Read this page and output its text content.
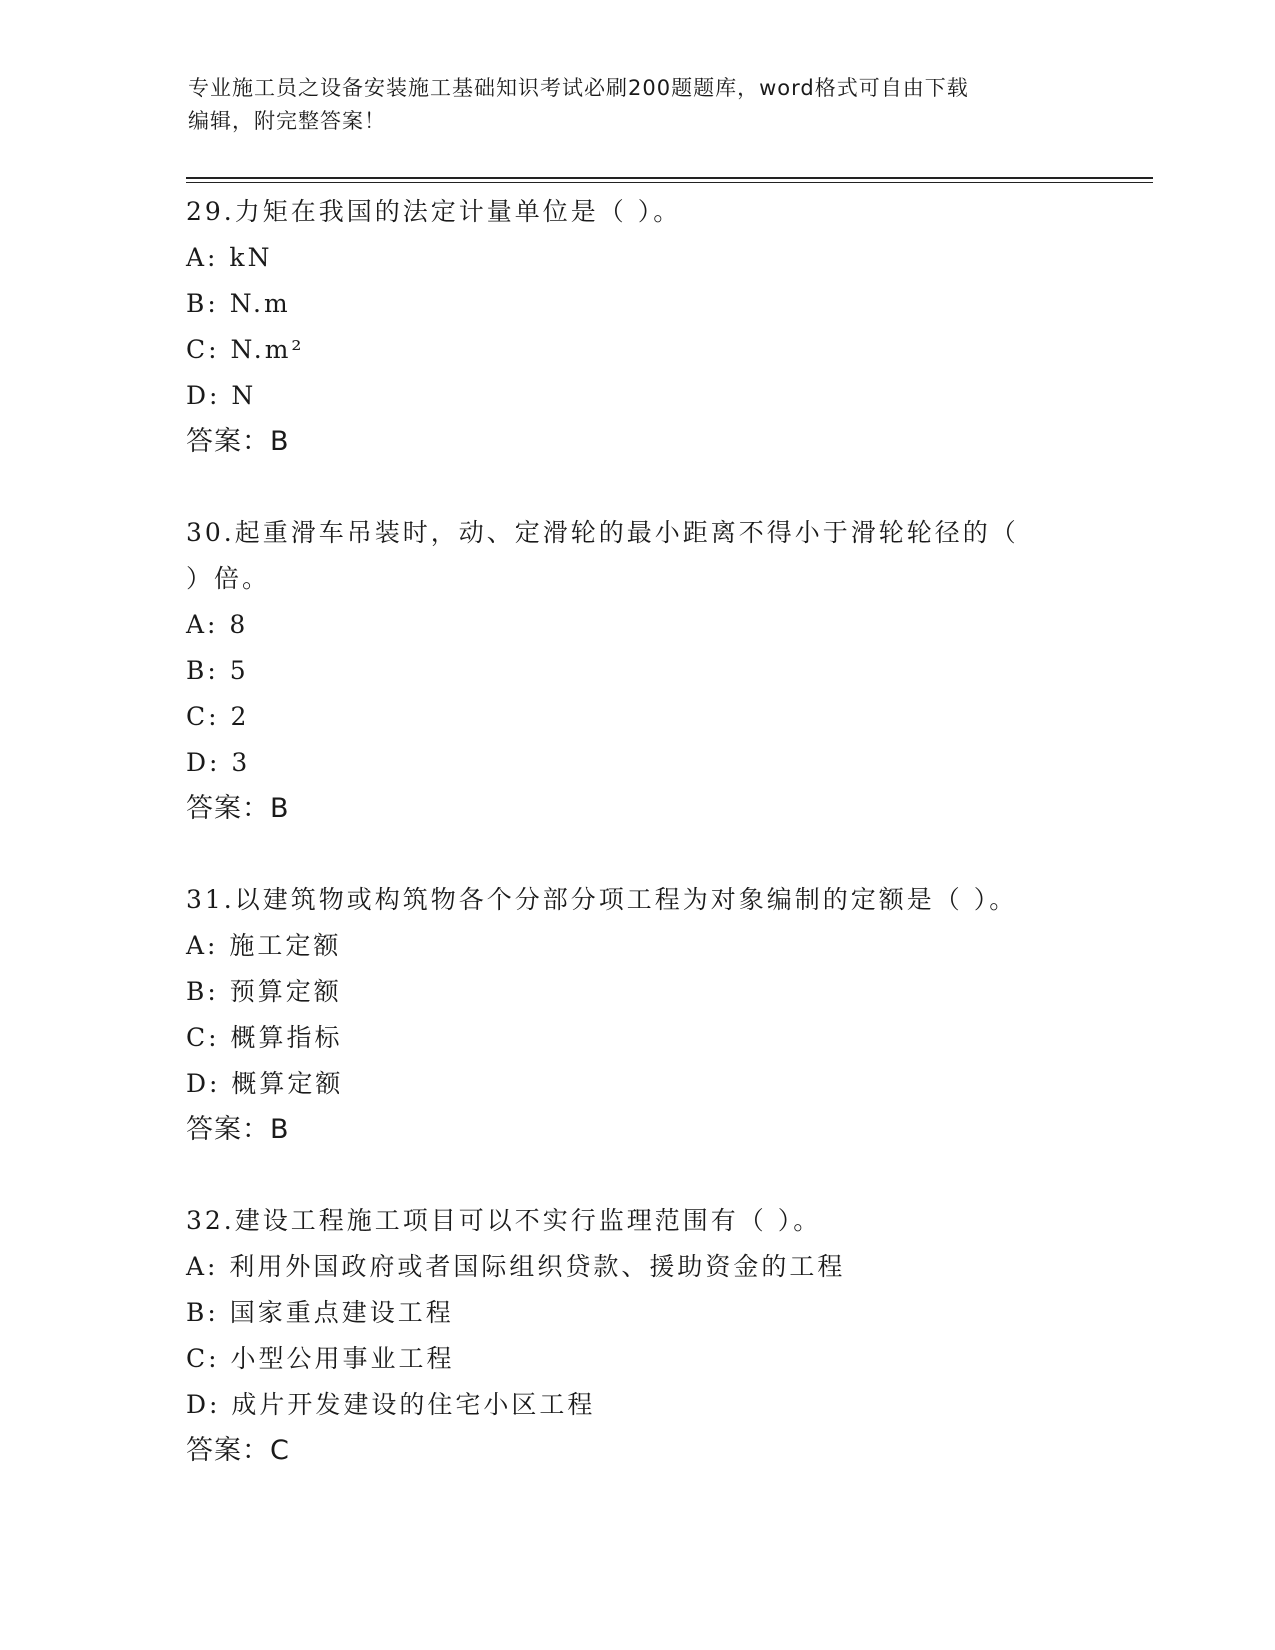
专业施工员之设备安装施工基础知识考试必刷200题题库，word格式可自由下载
编辑，附完整答案！
29.力矩在我国的法定计量单位是（ ）。
A: kN
B: N.m
C: N.m²
D: N
答案：B
30.起重滑车吊装时，动、定滑轮的最小距离不得小于滑轮轮径的（
）倍。
A: 8
B: 5
C: 2
D: 3
答案：B
31.以建筑物或构筑物各个分部分项工程为对象编制的定额是（ ）。
A: 施工定额
B: 预算定额
C: 概算指标
D: 概算定额
答案：B
32.建设工程施工项目可以不实行监理范围有（ ）。
A: 利用外国政府或者国际组织贷款、援助资金的工程
B: 国家重点建设工程
C: 小型公用事业工程
D: 成片开发建设的住宅小区工程
答案：C
